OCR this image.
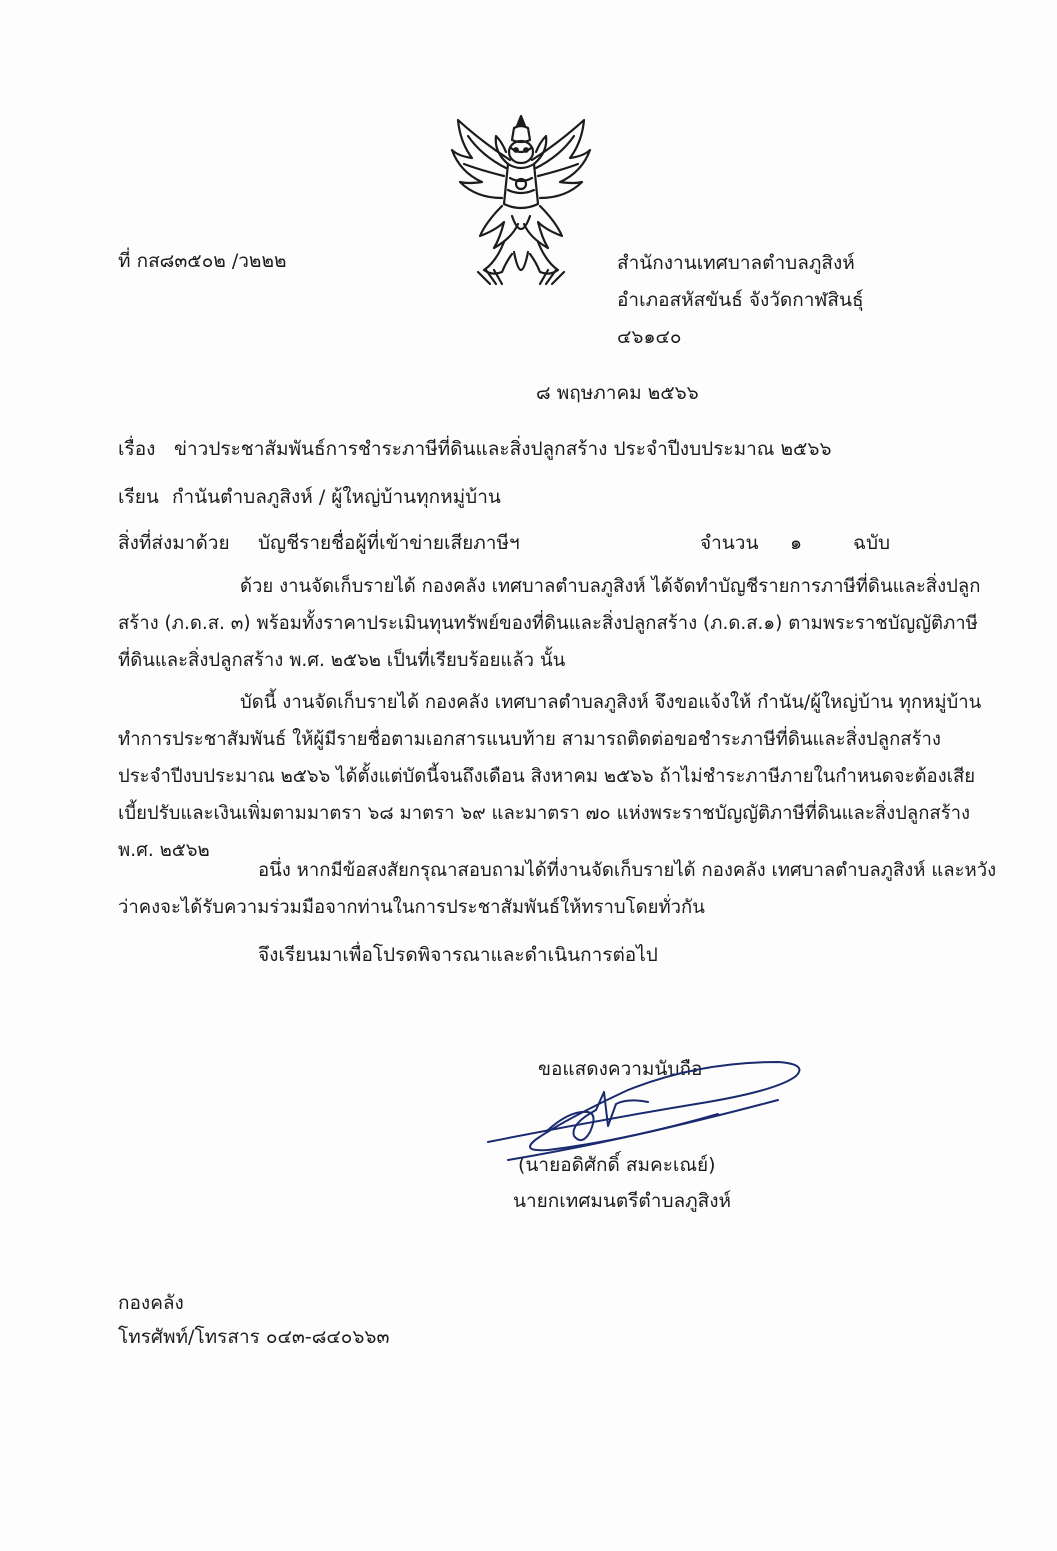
ที่ กส๘๓๕๐๒ /ว๒๒๒	สำนักงานเทศบาลตำบลภูสิงห์
อำเภอสหัสขันธ์ จังวัดกาฬสินธุ์
๔๖๑๔๐
๘ พฤษภาคม ๒๕๖๖
เรื่อง ข่าวประชาสัมพันธ์การชำระภาษีที่ดินและสิ่งปลูกสร้าง ประจำปีงบประมาณ ๒๕๖๖
เรียน กำนันตำบลภูสิงห์ / ผู้ใหญ่บ้านทุกหมู่บ้าน
สิ่งที่ส่งมาด้วย บัญชีรายชื่อผู้ที่เข้าข่ายเสียภาษีฯ	จำนวน ๑	ฉบับ
ด้วย งานจัดเก็บรายได้ กองคลัง เทศบาลตำบลภูสิงห์ ได้จัดทำบัญชีรายการภาษีที่ดินและสิ่งปลูก
สร้าง (ภ.ด.ส. ๓) พร้อมทั้งราคาประเมินทุนทรัพย์ของที่ดินและสิ่งปลูกสร้าง (ภ.ด.ส.๑) ตามพระราชบัญญัติภาษี
ที่ดินและสิ่งปลูกสร้าง พ.ศ. ๒๕๖๒ เป็นที่เรียบร้อยแล้ว นั้น
บัดนี้ งานจัดเก็บรายได้ กองคลัง เทศบาลตำบลภูสิงห์ จึงขอแจ้งให้ กำนัน/ผู้ใหญ่บ้าน ทุกหมู่บ้าน
ทำการประชาสัมพันธ์ ให้ผู้มีรายชื่อตามเอกสารแนบท้าย สามารถติดต่อขอชำระภาษีที่ดินและสิ่งปลูกสร้าง
ประจำปีงบประมาณ ๒๕๖๖ ได้ตั้งแต่บัดนี้จนถึงเดือน สิงหาคม ๒๕๖๖ ถ้าไม่ชำระภาษีภายในกำหนดจะต้องเสีย
เบี้ยปรับและเงินเพิ่มตามมาตรา ๖๘ มาตรา ๖๙ และมาตรา ๗๐ แห่งพระราชบัญญัติภาษีที่ดินและสิ่งปลูกสร้าง
พ.ศ. ๒๕๖๒
อนึ่ง หากมีข้อสงสัยกรุณาสอบถามได้ที่งานจัดเก็บรายได้ กองคลัง เทศบาลตำบลภูสิงห์ และหวัง
ว่าคงจะได้รับความร่วมมือจากท่านในการประชาสัมพันธ์ให้ทราบโดยทั่วกัน
จึงเรียนมาเพื่อโปรดพิจารณาและดำเนินการต่อไป
ขอแสดงความนับถือ
(นายอดิศักดิ์ สมคะเณย์)
นายกเทศมนตรีตำบลภูสิงห์
กองคลัง
โทรศัพท์/โทรสาร ๐๔๓-๘๔๐๖๖๓
